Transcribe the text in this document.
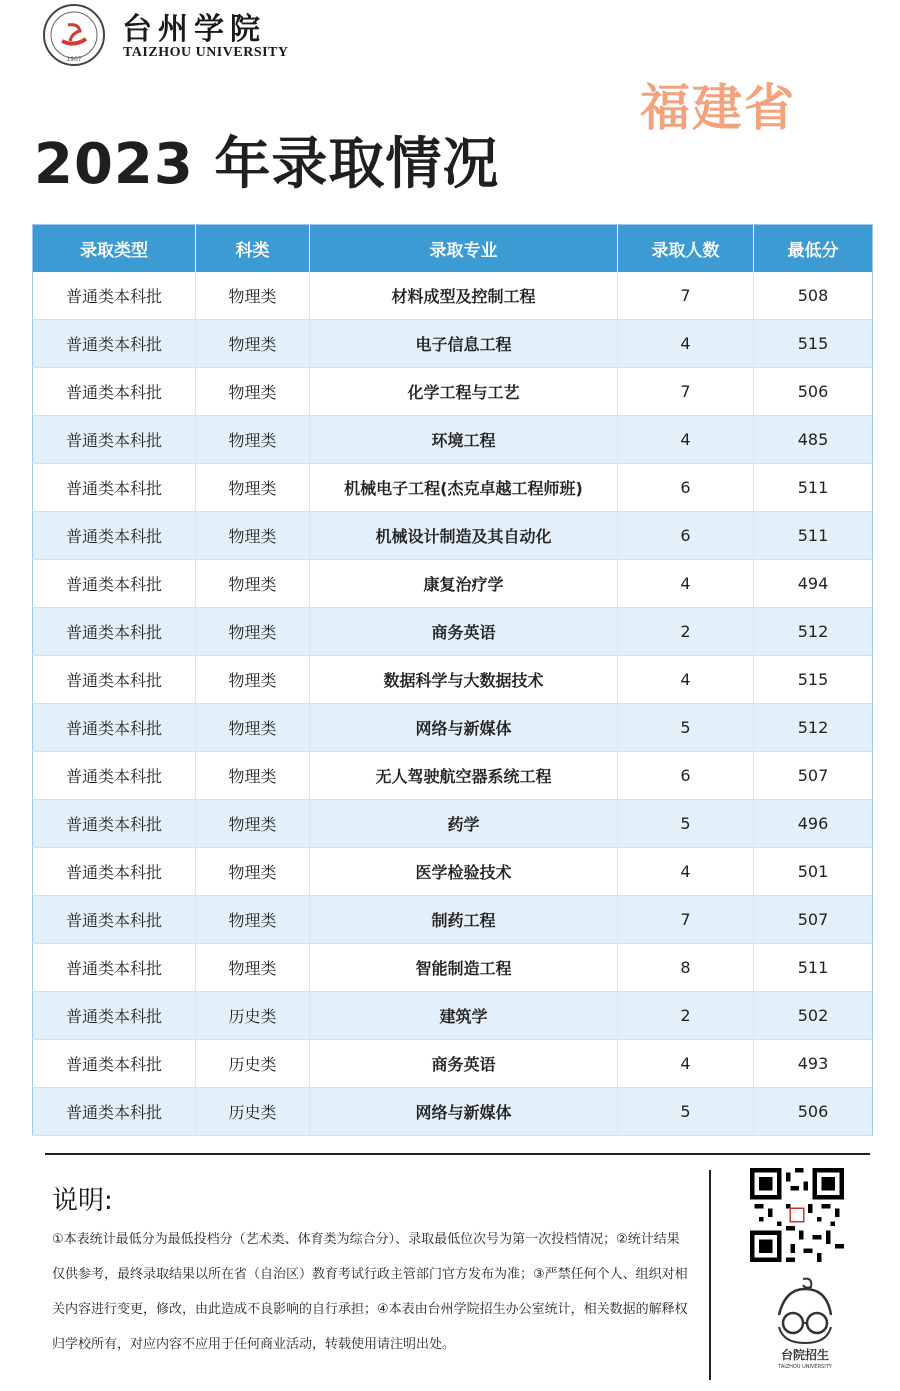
1907
台州学院
TAIZHOU UNIVERSITY
福建省
2023 年录取情况
录取类型	科类	录取专业	录取人数	最低分
普通类本科批	物理类	材料成型及控制工程	7	508
普通类本科批	物理类	电子信息工程	4	515
普通类本科批	物理类	化学工程与工艺	7	506
普通类本科批	物理类	环境工程	4	485
普通类本科批	物理类	机械电子工程(杰克卓越工程师班)	6	511
普通类本科批	物理类	机械设计制造及其自动化	6	511
普通类本科批	物理类	康复治疗学	4	494
普通类本科批	物理类	商务英语	2	512
普通类本科批	物理类	数据科学与大数据技术	4	515
普通类本科批	物理类	网络与新媒体	5	512
普通类本科批	物理类	无人驾驶航空器系统工程	6	507
普通类本科批	物理类	药学	5	496
普通类本科批	物理类	医学检验技术	4	501
普通类本科批	物理类	制药工程	7	507
普通类本科批	物理类	智能制造工程	8	511
普通类本科批	历史类	建筑学	2	502
普通类本科批	历史类	商务英语	4	493
普通类本科批	历史类	网络与新媒体	5	506
说明:
①本表统计最低分为最低投档分（艺术类、体育类为综合分）、录取最低位次号为第一次投档情况；②统计结果仅供参考，最终录取结果以所在省（自治区）教育考试行政主管部门官方发布为准；③严禁任何个人、组织对相关内容进行变更，修改，由此造成不良影响的自行承担；④本表由台州学院招生办公室统计，相关数据的解释权归学校所有，对应内容不应用于任何商业活动，转载使用请注明出处。
台院招生
TAIZHOU UNIVERSITY
